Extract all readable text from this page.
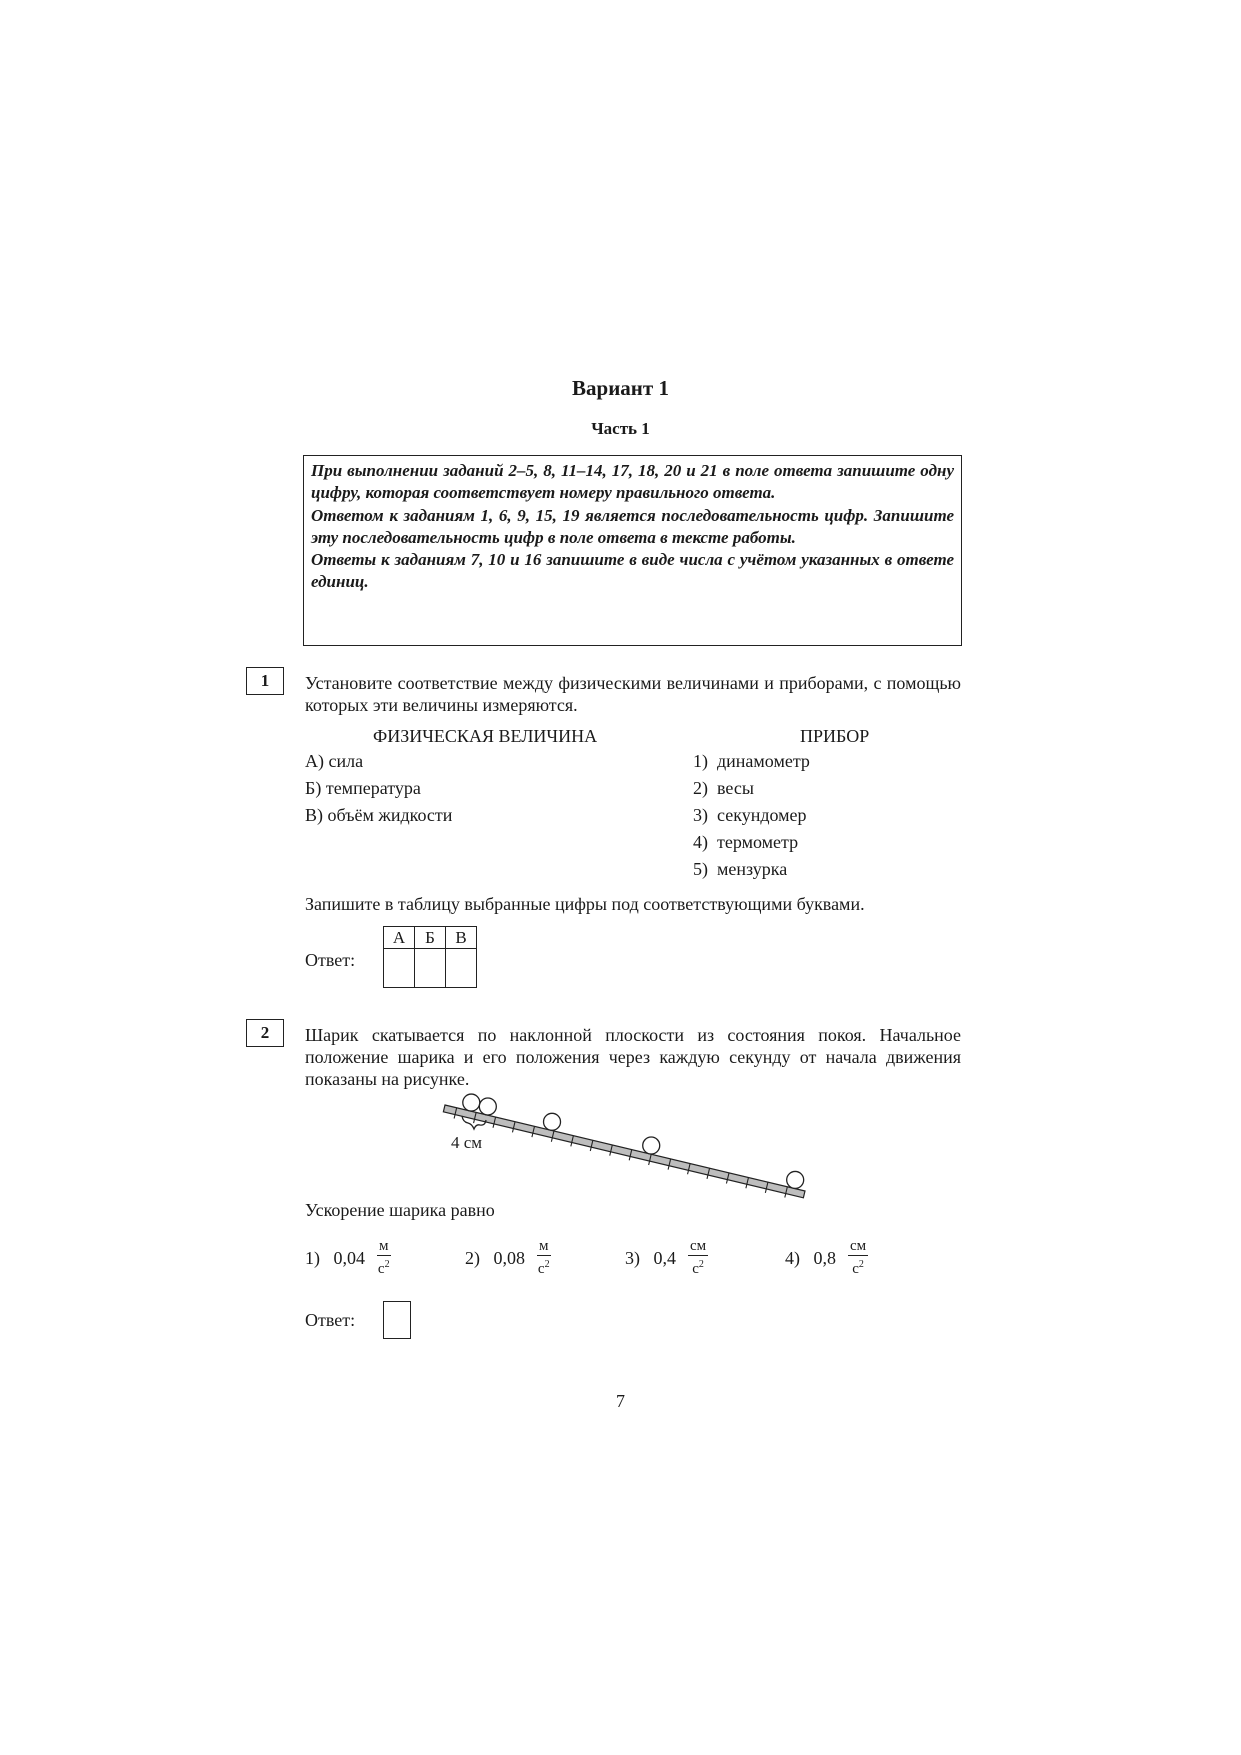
Вариант 1
Часть 1

При выполнении заданий 2–5, 8, 11–14, 17, 18, 20 и 21 в поле ответа запишите одну цифру, которая соответствует номеру правильного ответа.

Ответом к заданиям 1, 6, 9, 15, 19 является последовательность цифр. Запишите эту последовательность цифр в поле ответа в тексте работы.

Ответы к заданиям 7, 10 и 16 запишите в виде числа с учётом указанных в ответе единиц.

1	Установите соответствие между физическими величинами и приборами, с помощью которых эти величины измеряются.
ФИЗИЧЕСКАЯ ВЕЛИЧИНА	ПРИБОР
А) сила
Б) температура
В) объём жидкости
1) динамометр
2) весы
3) секундомер
4) термометр
5) мензурка
Запишите в таблицу выбранные цифры под соответствующими буквами.
Ответ:
А	Б	В

2	Шарик скатывается по наклонной плоскости из состояния покоя. Начальное положение шарика и его положения через каждую секунду от начала движения показаны на рисунке.
4 см
Ускорение шарика равно
1)
$0,04 \frac{м}{с^2}$	2)
$0,08 \frac{м}{с^2}$	3)
$0,4 \frac{см}{с^2}$	4)
$0,8 \frac{см}{с^2}$
Ответ:
7
